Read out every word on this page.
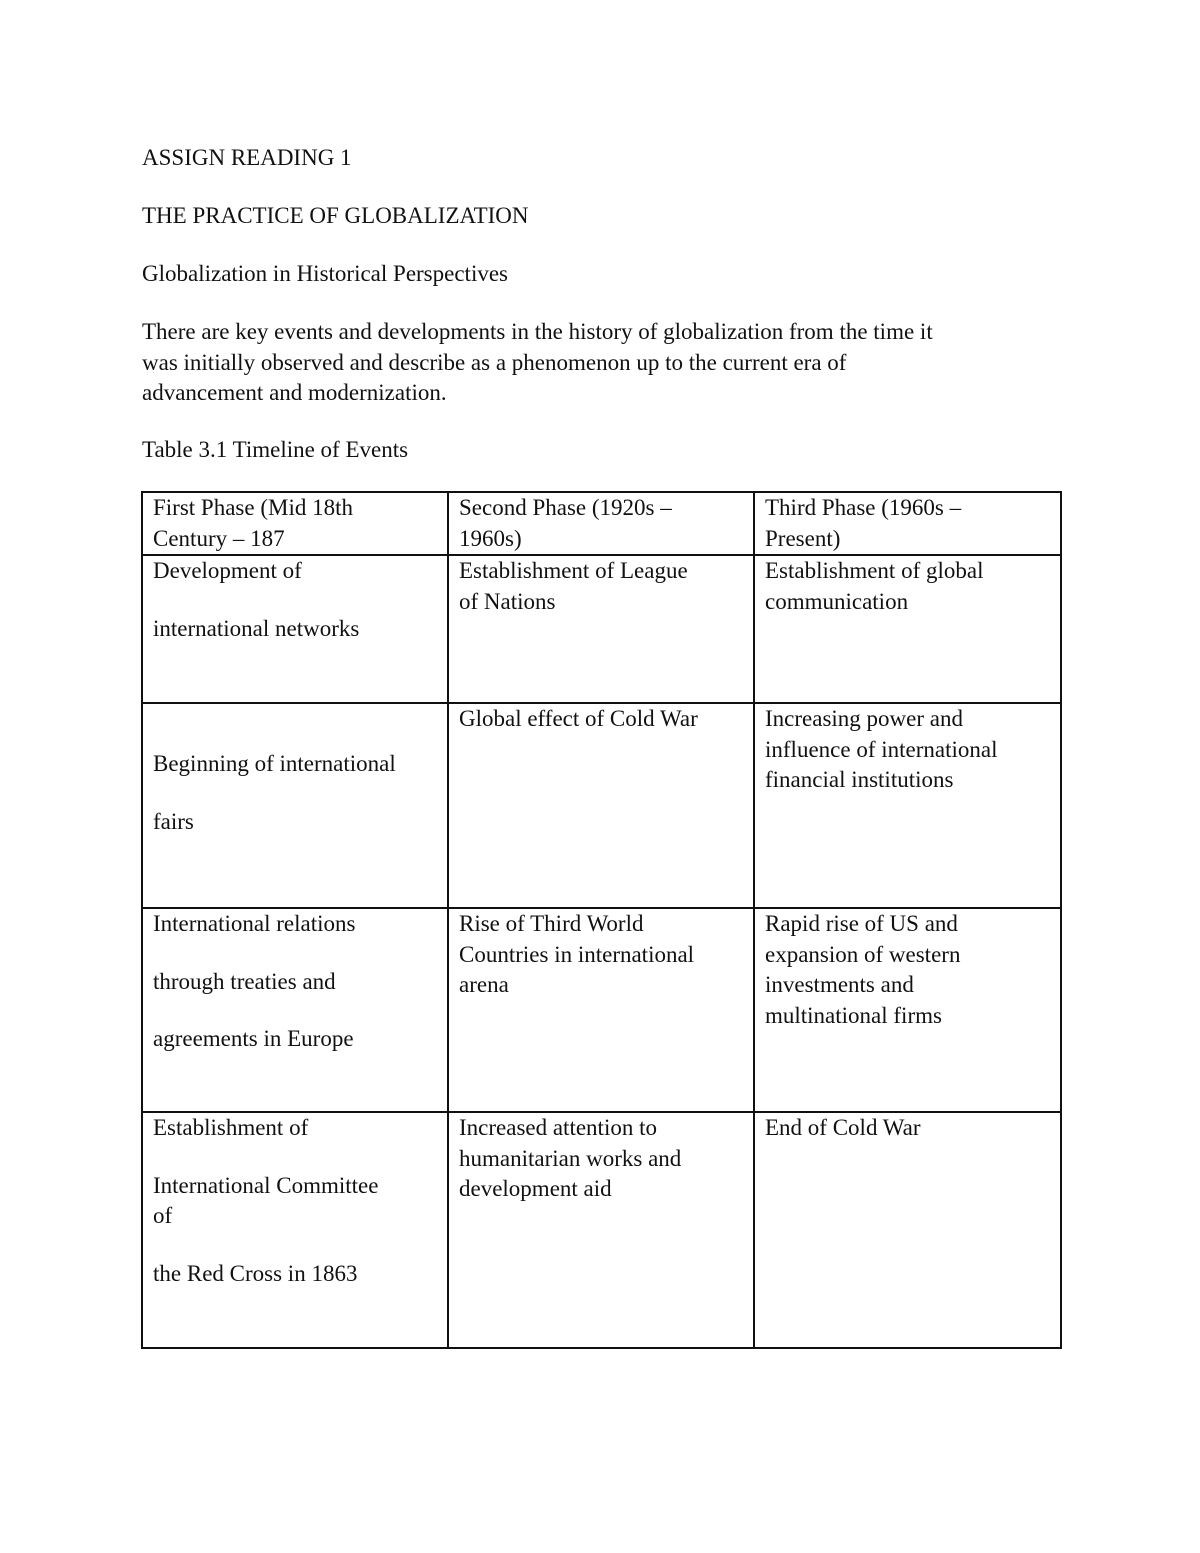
ASSIGN READING 1

THE PRACTICE OF GLOBALIZATION

Globalization in Historical Perspectives

There are key events and developments in the history of globalization from the time it
was initially observed and describe as a phenomenon up to the current era of
advancement and modernization.

Table 3.1 Timeline of Events

First Phase (Mid 18th
Century – 187	Second Phase (1920s –
1960s)	Third Phase (1960s –
Present)

Development of
international networks	Establishment of League
of Nations	Establishment of global
communication

Beginning of international
fairs	Global effect of Cold War	Increasing power and
influence of international
financial institutions

International relations
through treaties and
agreements in Europe	Rise of Third World
Countries in international
arena	Rapid rise of US and
expansion of western
investments and
multinational firms

Establishment of
International Committee
of
the Red Cross in 1863	Increased attention to
humanitarian works and
development aid	End of Cold War
